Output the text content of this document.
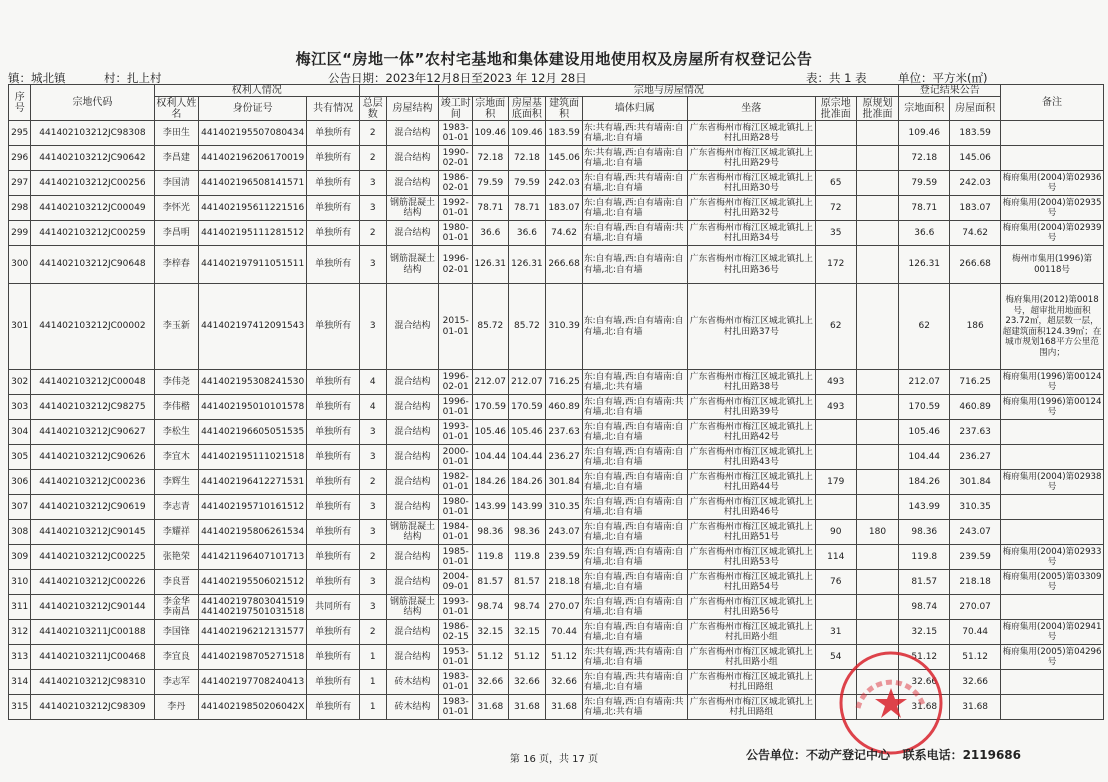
梅江区“房地一体”农村宅基地和集体建设用地使用权及房屋所有权登记公告
镇：城北镇	村：扎上村	公告日期：2023年12月8日至2023 年 12月 28日	表：共 1 表	单位：平方米(㎡)
序号	宗地代码	权利人情况					宗地与房屋情况								登记结果公告		备注
		权利人姓名	身份证号	共有情况	总层数	房屋结构	竣工时间	宗地面积	房屋基底面积	建筑面积	墙体归属	坐落	原宗地批准面	原规划批准面	宗地面积	房屋面积	
295	441402103212JC98308	李田生	441402195507080434	单独所有	2	混合结构	1983-01-01	109.46	109.46	183.59	东:共有墙,西:共有墙南:自有墙,北:自有墙	广东省梅州市梅江区城北镇扎上村扎田路28号			109.46	183.59	
296	441402103212JC90642	李昌建	441402196206170019	单独所有	2	混合结构	1990-02-01	72.18	72.18	145.06	东:共有墙,西:自有墙南:自有墙,北:自有墙	广东省梅州市梅江区城北镇扎上村扎田路29号			72.18	145.06	
297	441402103212JC00256	李国清	441402196508141571	单独所有	3	混合结构	1986-02-01	79.59	79.59	242.03	东:自有墙,西:共有墙南:自有墙,北:自有墙	广东省梅州市梅江区城北镇扎上村扎田路30号	65		79.59	242.03	梅府集用(2004)第02936号
298	441402103212JC00049	李怀光	441402195611221516	单独所有	3	钢筋混凝土结构	1992-01-01	78.71	78.71	183.07	东:自有墙,西:自有墙南:自有墙,北:自有墙	广东省梅州市梅江区城北镇扎上村扎田路32号	72		78.71	183.07	梅府集用(2004)第02935号
299	441402103212JC00259	李昌明	441402195111281512	单独所有	2	混合结构	1980-01-01	36.6	36.6	74.62	东:自有墙,西:自有墙南:共有墙,北:自有墙	广东省梅州市梅江区城北镇扎上村扎田路34号	35		36.6	74.62	梅府集用(2004)第02939号
300	441402103212JC90648	李梓春	441402197911051511	单独所有	3	钢筋混凝土结构	1996-02-01	126.31	126.31	266.68	东:自有墙,西:自有墙南:自有墙,北:自有墙	广东省梅州市梅江区城北镇扎上村扎田路36号	172		126.31	266.68	梅州市集用(1996)第00118号
301	441402103212JC00002	李玉新	441402197412091543	单独所有	3	混合结构	2015-01-01	85.72	85.72	310.39	东:自有墙,西:自有墙南:自有墙,北:自有墙	广东省梅州市梅江区城北镇扎上村扎田路37号	62		62	186	梅府集用(2012)第0018号，超审批用地面积23.72㎡，超层数一层，超建筑面积124.39㎡；在城市规划168平方公里范围内；
302	441402103212JC00048	李伟尧	441402195308241530	单独所有	4	混合结构	1996-02-01	212.07	212.07	716.25	东:自有墙,西:自有墙南:自有墙,北:共有墙	广东省梅州市梅江区城北镇扎上村扎田路38号	493		212.07	716.25	梅府集用(1996)第00124号
303	441402103212JC98275	李伟楷	441402195010101578	单独所有	4	混合结构	1996-01-01	170.59	170.59	460.89	东:自有墙,西:自有墙南:共有墙,北:自有墙	广东省梅州市梅江区城北镇扎上村扎田路39号	493		170.59	460.89	梅府集用(1996)第00124号
304	441402103212JC90627	李松生	441402196605051535	单独所有	3	混合结构	1993-01-01	105.46	105.46	237.63	东:自有墙,西:自有墙南:自有墙,北:自有墙	广东省梅州市梅江区城北镇扎上村扎田路42号			105.46	237.63	
305	441402103212JC90626	李宜木	441402195111021518	单独所有	3	混合结构	2000-01-01	104.44	104.44	236.27	东:自有墙,西:自有墙南:自有墙,北:自有墙	广东省梅州市梅江区城北镇扎上村扎田路43号			104.44	236.27	
306	441402103212JC00236	李辉生	441402196412271531	单独所有	2	混合结构	1982-01-01	184.26	184.26	301.84	东:自有墙,西:自有墙南:自有墙,北:自有墙	广东省梅州市梅江区城北镇扎上村扎田路44号	179		184.26	301.84	梅府集用(2004)第02938号
307	441402103212JC90619	李志青	441402195710161512	单独所有	3	混合结构	1980-01-01	143.99	143.99	310.35	东:自有墙,西:自有墙南:自有墙,北:自有墙	广东省梅州市梅江区城北镇扎上村扎田路46号			143.99	310.35	
308	441402103212JC90145	李耀祥	441402195806261534	单独所有	3	钢筋混凝土结构	1984-01-01	98.36	98.36	243.07	东:自有墙,西:自有墙南:自有墙,北:自有墙	广东省梅州市梅江区城北镇扎上村扎田路51号	90	180	98.36	243.07	
309	441402103212JC00225	张艳荣	441421196407101713	单独所有	2	混合结构	1985-01-01	119.8	119.8	239.59	东:自有墙,西:自有墙南:自有墙,北:自有墙	广东省梅州市梅江区城北镇扎上村扎田路53号	114		119.8	239.59	梅府集用(2004)第02933号
310	441402103212JC00226	李良晋	441402195506021512	单独所有	3	混合结构	2004-09-01	81.57	81.57	218.18	东:自有墙,西:自有墙南:自有墙,北:自有墙	广东省梅州市梅江区城北镇扎上村扎田路54号	76		81.57	218.18	梅府集用(2005)第03309号
311	441402103212JC90144	李金华
李南昌	441402197803041519
441402197501031518	共同所有	3	钢筋混凝土结构	1993-01-01	98.74	98.74	270.07	东:自有墙,西:自有墙南:自有墙,北:自有墙	广东省梅州市梅江区城北镇扎上村扎田路56号			98.74	270.07	
312	441402103211JC00188	李国锋	441402196212131577	单独所有	2	混合结构	1986-02-15	32.15	32.15	70.44	东:自有墙,西:自有墙南:自有墙,北:自有墙	广东省梅州市梅江区城北镇扎上村扎田路小组	31		32.15	70.44	梅府集用(2004)第02941号
313	441402103211JC00468	李宜良	441402198705271518	单独所有	1	混合结构	1953-01-01	51.12	51.12	51.12	东:共有墙,西:共有墙南:自有墙,北:自有墙	广东省梅州市梅江区城北镇扎上村扎田路小组	54		51.12	51.12	梅府集用(2005)第04296号
314	441402103212JC98310	李志军	441402197708240413	单独所有	1	砖木结构	1983-01-01	32.66	32.66	32.66	东:自有墙,西:共有墙南:自有墙,北:自有墙	广东省梅州市梅江区城北镇扎上村扎田路组			32.66	32.66	
315	441402103212JC98309	李丹	44140219850206042X	单独所有	1	砖木结构	1983-01-01	31.68	31.68	31.68	东:自有墙,西:自有墙南:共有墙,北:共有墙	广东省梅州市梅江区城北镇扎上村扎田路组			31.68	31.68	
第 16 页，共 17 页	公告单位：不动产登记中心 联系电话：2119686
